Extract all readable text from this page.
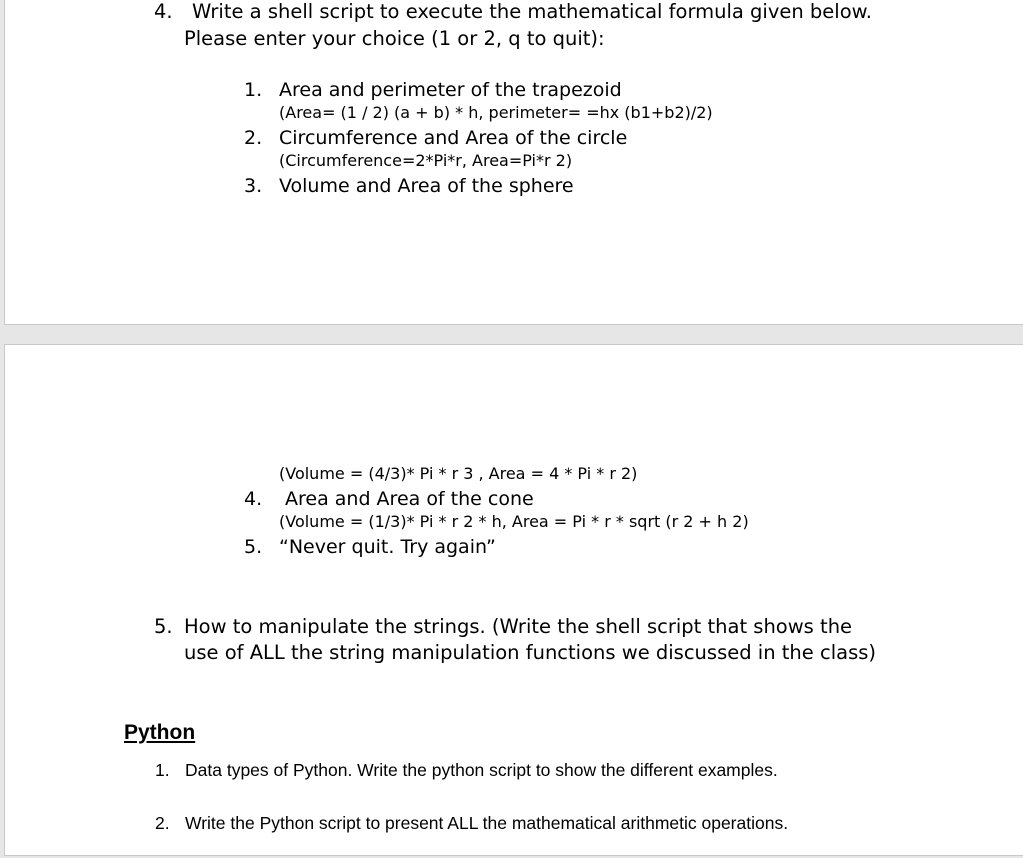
4. Write a shell script to execute the mathematical formula given below.
Please enter your choice (1 or 2, q to quit):
1. Area and perimeter of the trapezoid
(Area= (1 / 2) (a + b) * h, perimeter= =hx (b1+b2)/2)
2. Circumference and Area of the circle
(Circumference=2*Pi*r, Area=Pi*r 2)
3. Volume and Area of the sphere
(Volume = (4/3)* Pi * r 3 , Area = 4 * Pi * r 2)
4. Area and Area of the cone
(Volume = (1/3)* Pi * r 2 * h, Area = Pi * r * sqrt (r 2 + h 2)
5. “Never quit. Try again”
5. How to manipulate the strings. (Write the shell script that shows the
use of ALL the string manipulation functions we discussed in the class)
Python
1. Data types of Python. Write the python script to show the different examples.
2. Write the Python script to present ALL the mathematical arithmetic operations.
